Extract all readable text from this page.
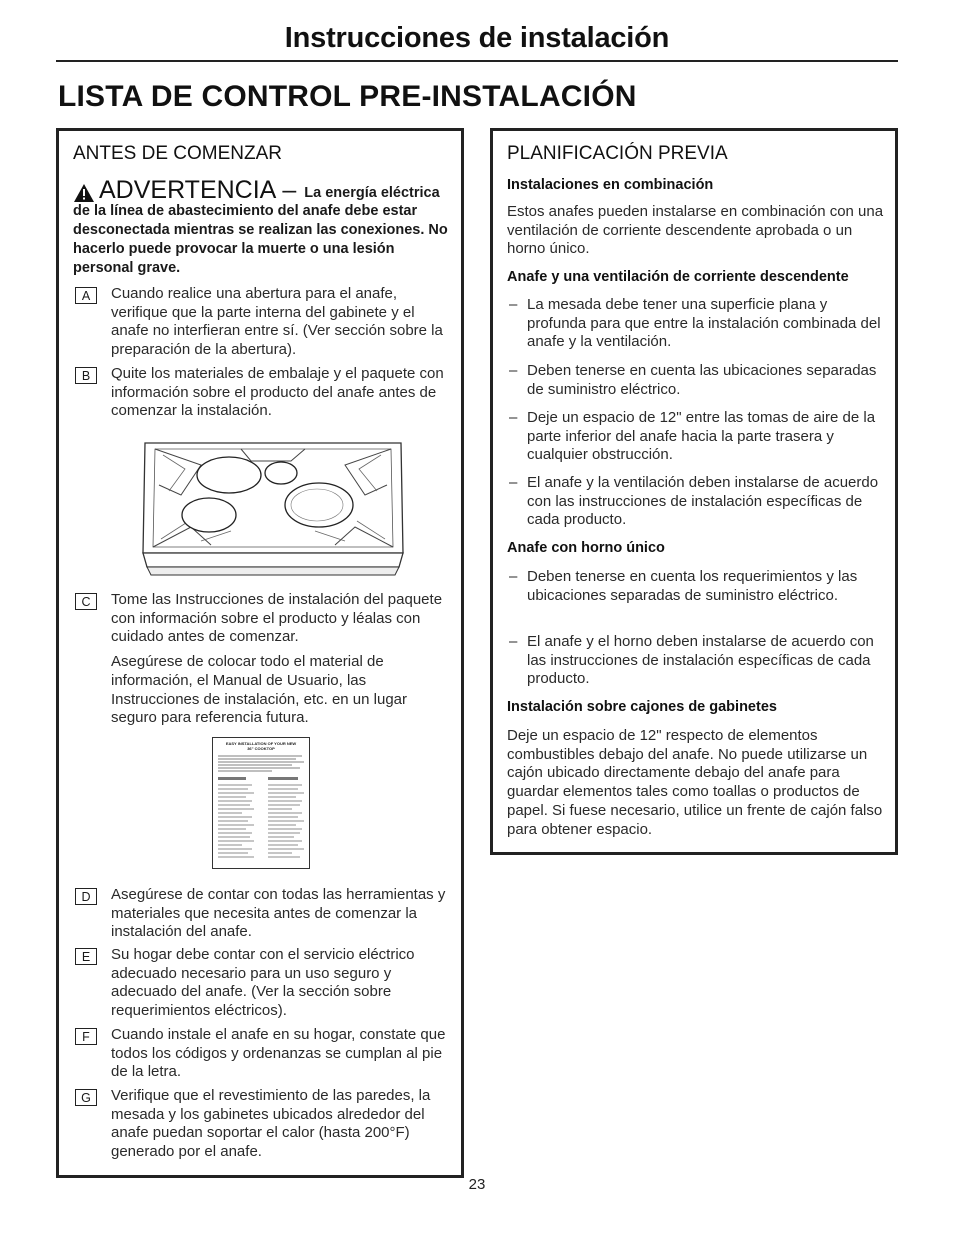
Instrucciones de instalación
LISTA DE CONTROL PRE-INSTALACIÓN
ANTES DE COMENZAR
ADVERTENCIA – La energía eléctrica
de la línea de abastecimiento del anafe debe estar desconectada mientras se realizan las conexiones. No hacerlo puede provocar la muerte o una lesión personal grave.
A	Cuando realice una abertura para el anafe, verifique que la parte interna del gabinete y el anafe no interfieran entre sí. (Ver sección sobre la preparación de la abertura).
B	Quite los materiales de embalaje y el paquete con información sobre el producto del anafe antes de comenzar la instalación.
C	Tome las Instrucciones de instalación del paquete con información sobre el producto y léalas con cuidado antes de comenzar.
Asegúrese de colocar todo el material de información, el Manual de Usuario, las Instrucciones de instalación, etc. en un lugar seguro para referencia futura.
EASY INSTALLATION OF YOUR NEW
36" COOKTOP
D	Asegúrese de contar con todas las herramientas y materiales que necesita antes de comenzar la instalación del anafe.
E	Su hogar debe contar con el servicio eléctrico adecuado necesario para un uso seguro y adecuado del anafe. (Ver la sección sobre requerimientos eléctricos).
F	Cuando instale el anafe en su hogar, constate que todos los códigos y ordenanzas se cumplan al pie de la letra.
G	Verifique que el revestimiento de las paredes, la mesada y los gabinetes ubicados alrededor del anafe puedan soportar el calor (hasta 200°F) generado por el anafe.
PLANIFICACIÓN PREVIA
Instalaciones en combinación
Estos anafes pueden instalarse en combinación con una ventilación de corriente descendente aprobada o un horno único.
Anafe y una ventilación de corriente descendente
– La mesada debe tener una superficie plana y profunda para que entre la instalación combinada del anafe y la ventilación.
– Deben tenerse en cuenta las ubicaciones separadas de suministro eléctrico.
– Deje un espacio de 12" entre las tomas de aire de la parte inferior del anafe hacia la parte trasera y cualquier obstrucción.
– El anafe y la ventilación deben instalarse de acuerdo con las instrucciones de instalación específicas de cada producto.
Anafe con horno único
– Deben tenerse en cuenta los requerimientos y las ubicaciones separadas de suministro eléctrico.
– El anafe y el horno deben instalarse de acuerdo con las instrucciones de instalación específicas de cada producto.
Instalación sobre cajones de gabinetes
Deje un espacio de 12" respecto de elementos combustibles debajo del anafe. No puede utilizarse un cajón ubicado directamente debajo del anafe para guardar elementos tales como toallas o productos de papel. Si fuese necesario, utilice un frente de cajón falso para obtener espacio.
23
